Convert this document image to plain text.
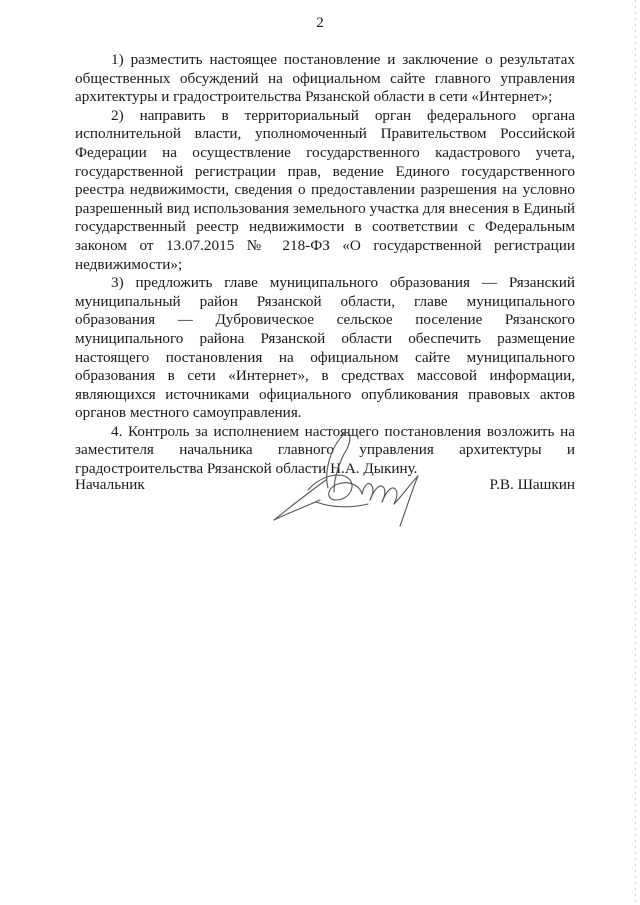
2

1) разместить настоящее постановление и заключение о результатах общественных обсуждений на официальном сайте главного управления архитектуры и градостроительства Рязанской области в сети «Интернет»;

2) направить в территориальный орган федерального органа исполнительной власти, уполномоченный Правительством Российской Федерации на осуществление государственного кадастрового учета, государственной регистрации прав, ведение Единого государственного реестра недвижимости, сведения о предоставлении разрешения на условно разрешенный вид использования земельного участка для внесения в Единый государственный реестр недвижимости в соответствии с Федеральным законом от 13.07.2015 № 218-ФЗ «О государственной регистрации недвижимости»;

3) предложить главе муниципального образования — Рязанский муниципальный район Рязанской области, главе муниципального образования — Дубровическое сельское поселение Рязанского муниципального района Рязанской области обеспечить размещение настоящего постановления на официальном сайте муниципального образования в сети «Интернет», в средствах массовой информации, являющихся источниками официального опубликования правовых актов органов местного самоуправления.

4. Контроль за исполнением настоящего постановления возложить на заместителя начальника главного управления архитектуры и градостроительства Рязанской области Н.А. Дыкину.

Начальник	Р.В. Шашкин
